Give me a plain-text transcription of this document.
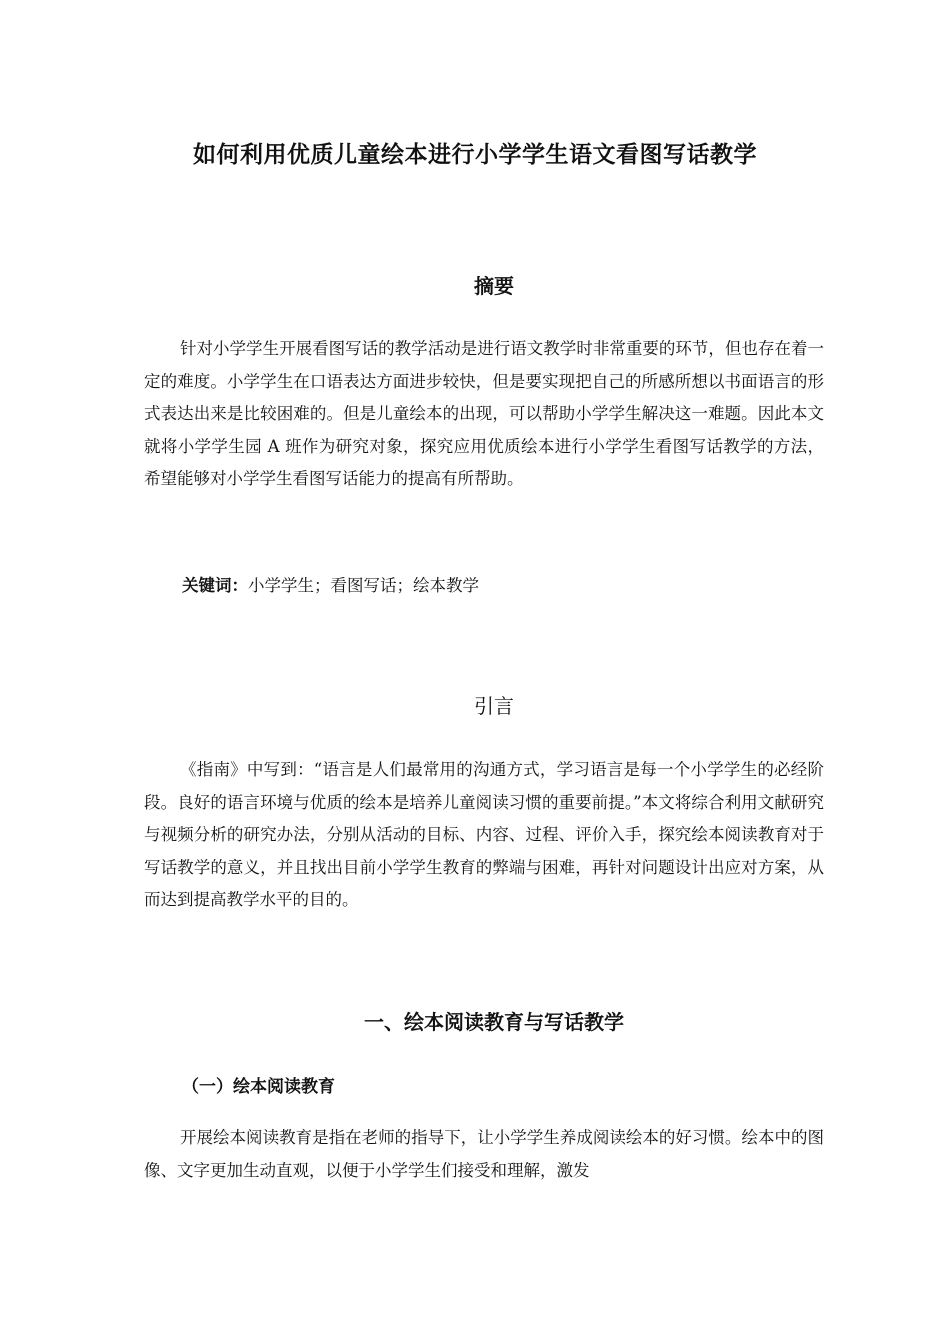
如何利用优质儿童绘本进行小学学生语文看图写话教学
摘要
针对小学学生开展看图写话的教学活动是进行语文教学时非常重要的环节，但也存在着一定的难度。小学学生在口语表达方面进步较快，但是要实现把自己的所感所想以书面语言的形式表达出来是比较困难的。但是儿童绘本的出现，可以帮助小学学生解决这一难题。因此本文就将小学学生园 A 班作为研究对象，探究应用优质绘本进行小学学生看图写话教学的方法，希望能够对小学学生看图写话能力的提高有所帮助。
关键词：小学学生；看图写话；绘本教学
引言
《指南》中写到：“语言是人们最常用的沟通方式，学习语言是每一个小学学生的必经阶段。良好的语言环境与优质的绘本是培养儿童阅读习惯的重要前提。”本文将综合利用文献研究与视频分析的研究办法，分别从活动的目标、内容、过程、评价入手，探究绘本阅读教育对于写话教学的意义，并且找出目前小学学生教育的弊端与困难，再针对问题设计出应对方案，从而达到提高教学水平的目的。
一、绘本阅读教育与写话教学
（一）绘本阅读教育
开展绘本阅读教育是指在老师的指导下，让小学学生养成阅读绘本的好习惯。绘本中的图像、文字更加生动直观，以便于小学学生们接受和理解，激发
